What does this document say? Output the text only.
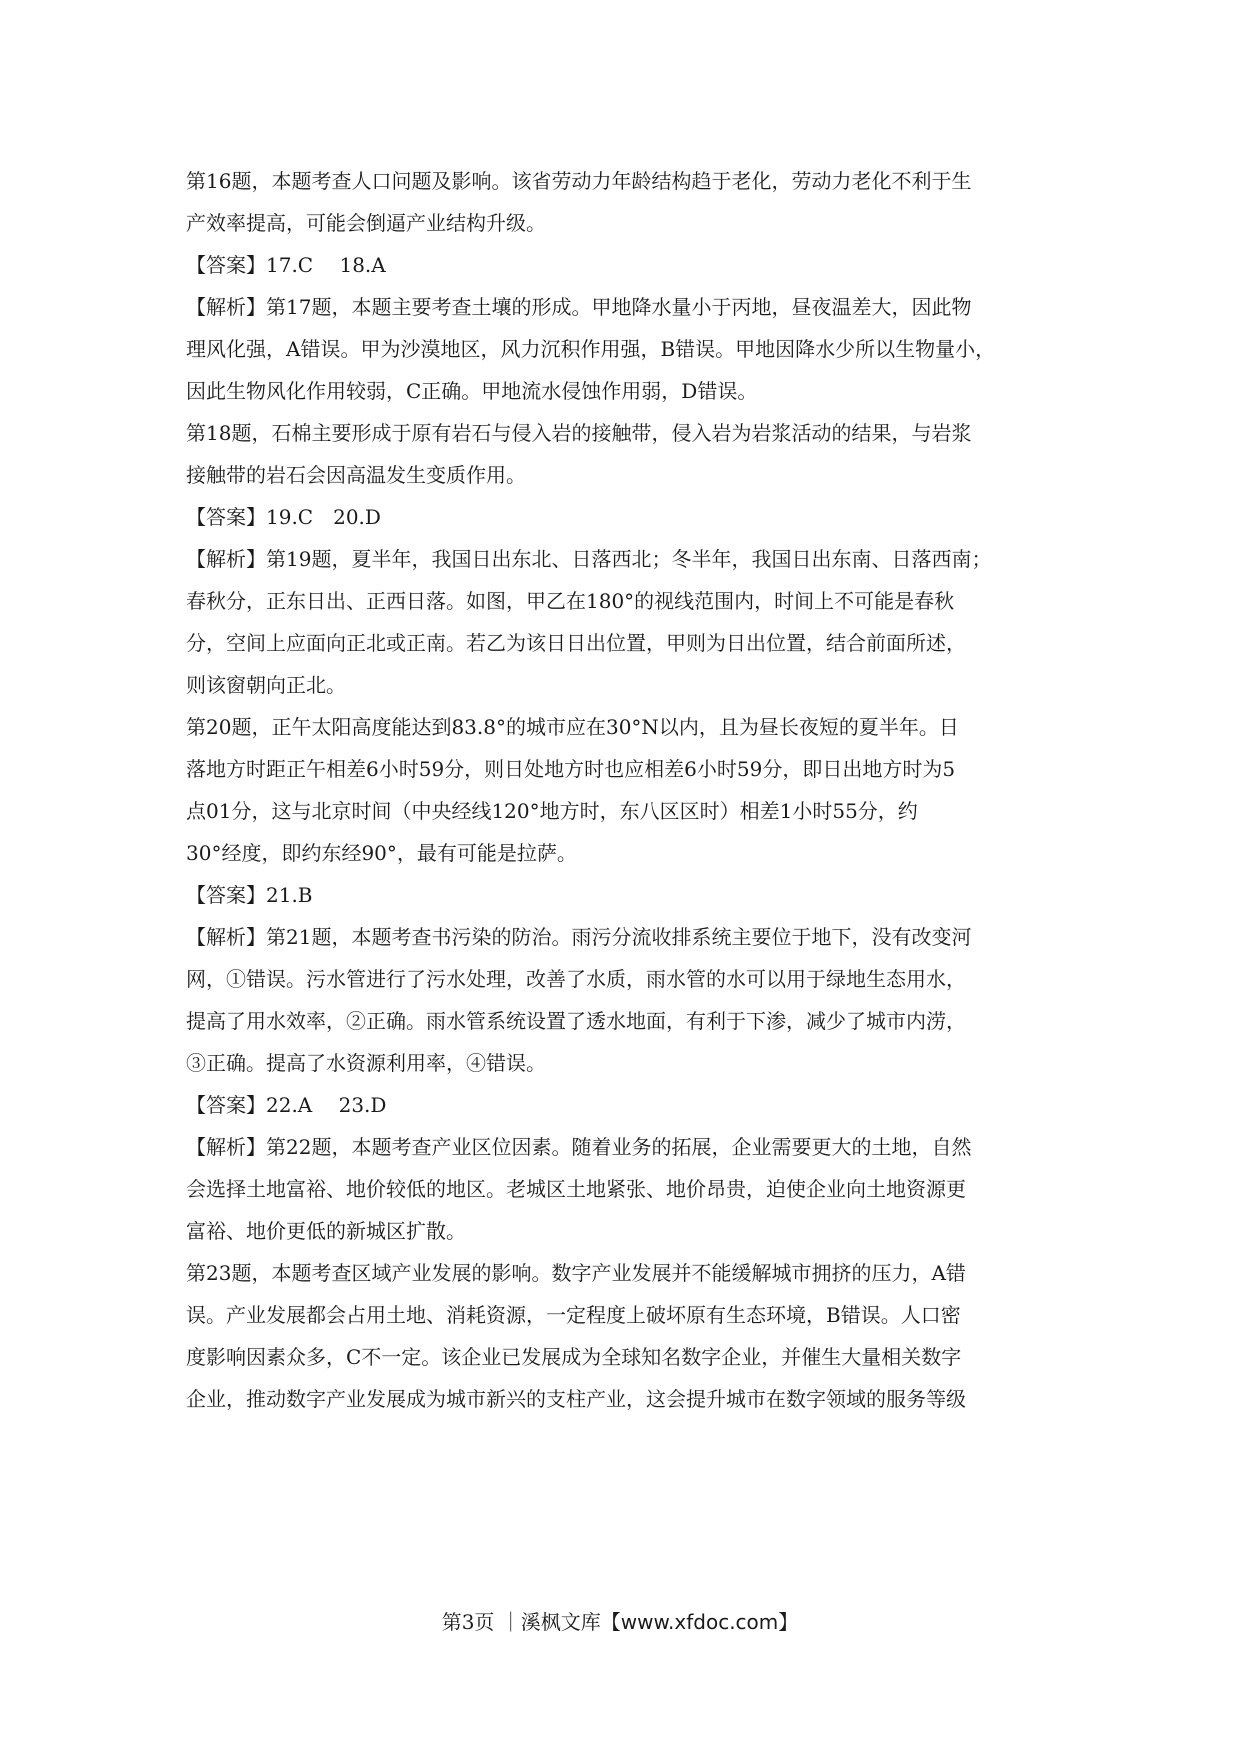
第16题，本题考查人口问题及影响。该省劳动力年龄结构趋于老化，劳动力老化不利于生
产效率提高，可能会倒逼产业结构升级。
【答案】17.C　 18.A
【解析】第17题，本题主要考查土壤的形成。甲地降水量小于丙地，昼夜温差大，因此物
理风化强，A错误。甲为沙漠地区，风力沉积作用强，B错误。甲地因降水少所以生物量小，
因此生物风化作用较弱，C正确。甲地流水侵蚀作用弱，D错误。
第18题，石棉主要形成于原有岩石与侵入岩的接触带，侵入岩为岩浆活动的结果，与岩浆
接触带的岩石会因高温发生变质作用。
【答案】19.C　20.D
【解析】第19题，夏半年，我国日出东北、日落西北；冬半年，我国日出东南、日落西南；
春秋分，正东日出、正西日落。如图，甲乙在180°的视线范围内，时间上不可能是春秋
分，空间上应面向正北或正南。若乙为该日日出位置，甲则为日出位置，结合前面所述，
则该窗朝向正北。
第20题，正午太阳高度能达到83.8°的城市应在30°N以内，且为昼长夜短的夏半年。日
落地方时距正午相差6小时59分，则日处地方时也应相差6小时59分，即日出地方时为5
点01分，这与北京时间（中央经线120°地方时，东八区区时）相差1小时55分，约
30°经度，即约东经90°，最有可能是拉萨。
【答案】21.B
【解析】第21题，本题考查书污染的防治。雨污分流收排系统主要位于地下，没有改变河
网，①错误。污水管进行了污水处理，改善了水质，雨水管的水可以用于绿地生态用水，
提高了用水效率，②正确。雨水管系统设置了透水地面，有利于下渗，减少了城市内涝，
③正确。提高了水资源利用率，④错误。
【答案】22.A　 23.D
【解析】第22题，本题考查产业区位因素。随着业务的拓展，企业需要更大的土地，自然
会选择土地富裕、地价较低的地区。老城区土地紧张、地价昂贵，迫使企业向土地资源更
富裕、地价更低的新城区扩散。
第23题，本题考查区域产业发展的影响。数字产业发展并不能缓解城市拥挤的压力，A错
误。产业发展都会占用土地、消耗资源，一定程度上破坏原有生态环境，B错误。人口密
度影响因素众多，C不一定。该企业已发展成为全球知名数字企业，并催生大量相关数字
企业，推动数字产业发展成为城市新兴的支柱产业，这会提升城市在数字领域的服务等级
第3页 ｜溪枫文库【www.xfdoc.com】
